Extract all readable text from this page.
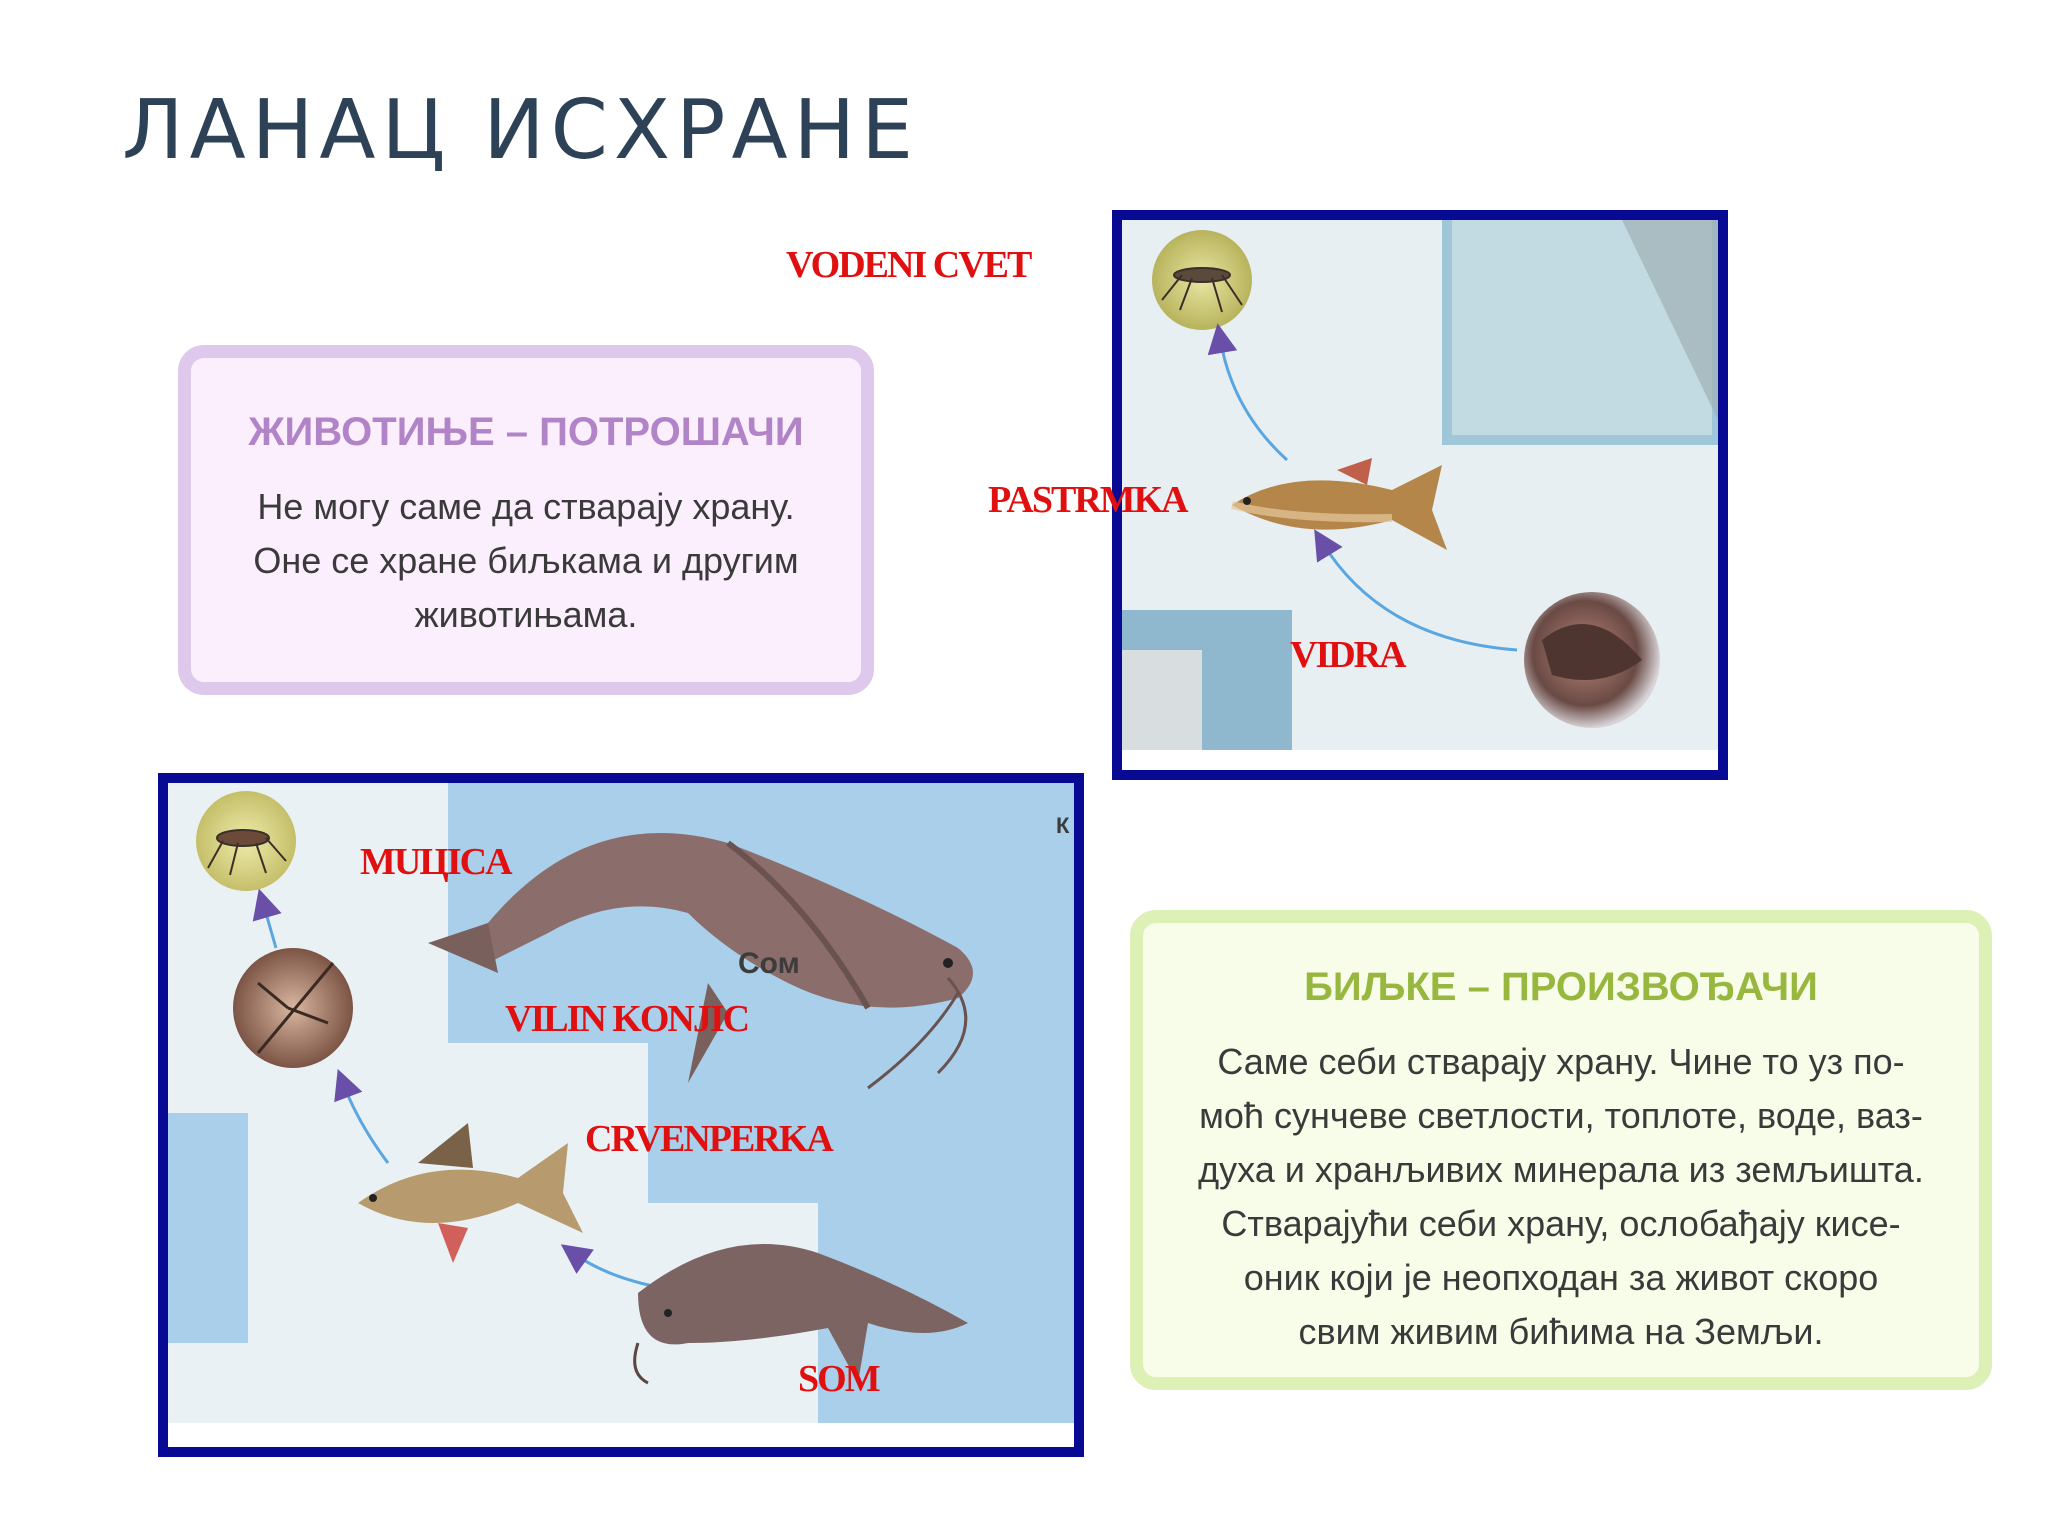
ЛАНАЦ ИСХРАНЕ
ЖИВОТИЊЕ – ПОТРОШАЧИ
Не могу саме да стварају храну.
Оне се хране биљкама и другим
животињама.
БИЉКЕ – ПРОИЗВОЂАЧИ
Саме себи стварају храну. Чине то уз по-
моћ сунчеве светлости, топлоте, воде, ваз-
духа и хранљивих минерала из земљишта.
Стварајући себи храну, ослобађају кисе-
оник који је неопходан за живот скоро
свим живим бићима на Земљи.
Сом
К
VODENI CVET
PASTRMKA
VIDRA
MUЦICA
VILIN KONJIC
CRVENPERKA
SOM
